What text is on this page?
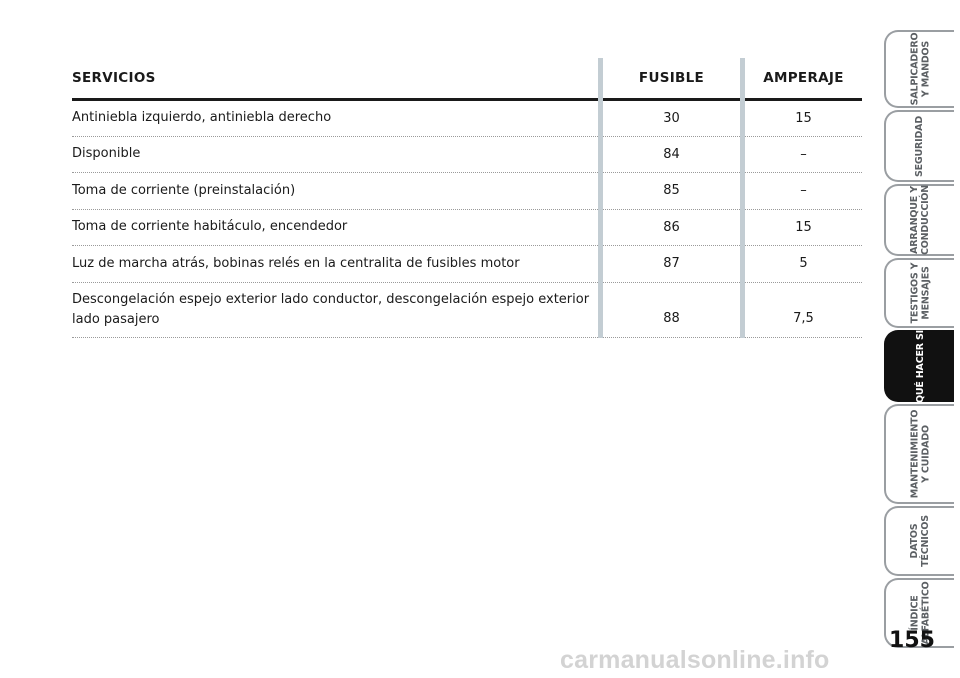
SERVICIOS	FUSIBLE	AMPERAJE
Antiniebla izquierdo, antiniebla derecho	30	15
Disponible	84	–
Toma de corriente (preinstalación)	85	–
Toma de corriente habitáculo, encendedor	86	15
Luz de marcha atrás, bobinas relés en la centralita de fusibles motor	87	5
Descongelación espejo exterior lado conductor, descongelación espejo exterior lado pasajero	88	7,5
SALPICADERO
Y MANDOS
SEGURIDAD
ARRANQUE Y
CONDUCCIÓN
TESTIGOS Y
MENSAJES
QUÉ HACER SI
MANTENIMIENTO
Y CUIDADO
DATOS
TÉCNICOS
ÍNDICE
ALFABÉTICO
155
carmanualsonline.info
